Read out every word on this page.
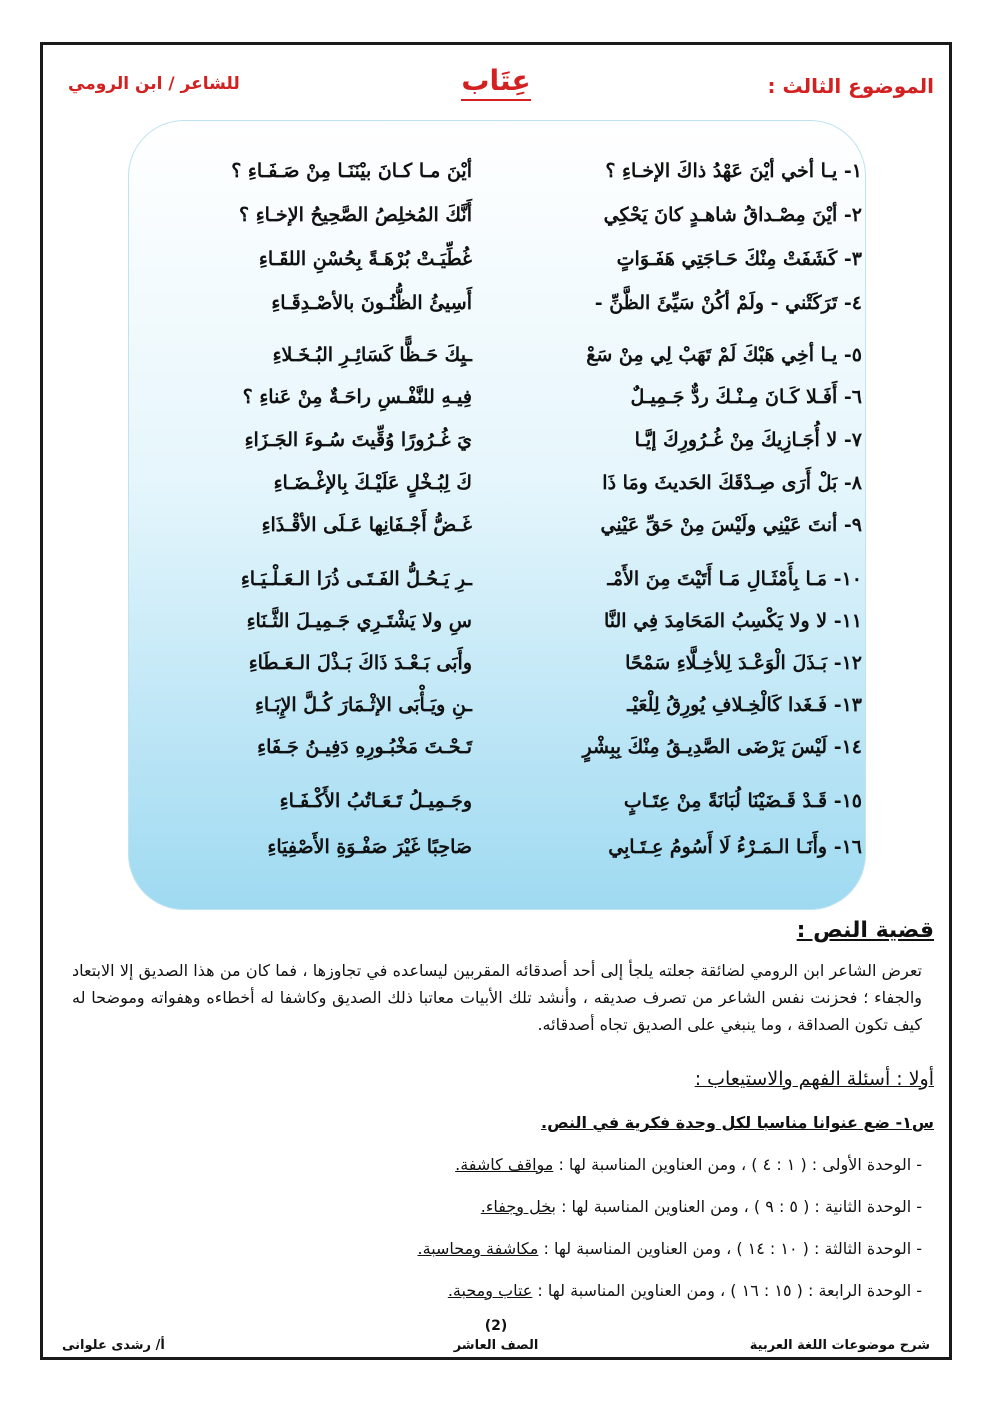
الموضوع الثالث :
عِتَاب
للشاعر / ابن الرومي
١- يـا أخي أيْنَ عَهْدُ ذاكَ الإخـاءِ ؟
أيْنَ مـا كـانَ بيْنَنَـا مِنْ صَـفَـاءِ ؟
٢- أيْنَ مِصْـداقُ شاهـدٍ كانَ يَحْكِي
أَنَّكَ المُخلِصُ الصَّحِيحُ الإخـاءِ ؟
٣- كَشَفَتْ مِنْكَ حَـاجَتِي هَفَـوَاتٍ
غُطِّيَـتْ بُرْهَـةً بِحُسْنِ اللقَـاءِ
٤- تَرَكَتْني - ولَمْ أكُنْ سَيِّئَ الظَّنِّ -
أَسِيئُ الظُّنُـونَ بالأصْـدِقَـاءِ
٥- يـا أخِي هَبْكَ لَمْ تَهَبْ لِي مِنْ سَعْ
ـيِكَ حَـظًّا كَسَائِـرِ البُـخَـلاءِ
٦- أَفَـلا كَـانَ مِـنْـكَ ردٌّ جَـمِيـلٌ
فِيـهِ للنَّفْـسِ راحَـةٌ مِنْ عَناءِ ؟
٧- لا أُجَـازِيكَ مِنْ غُـرُورِكَ إيَّـا
يَ غُـرُورًا وُقِّيتَ سُـوءَ الجَـزَاءِ
٨- بَلْ أَرَى صِـدْقَكَ الحَديثَ ومَا ذَا
كَ لِبُـخْلٍ عَلَيْـكَ بِالإغْـضَـاءِ
٩- أنتَ عَيْنِي ولَيْسَ مِنْ حَقِّ عَيْنِي
غَـضُّ أَجْـفَانِها عَـلَى الأقْـذَاءِ
١٠- مَـا بِأَمْثَـالِ مَـا أَتَيْتَ مِنَ الأَمْـ
ـرِ يَـحُـلُّ الفَـتَـى ذُرَا الـعَـلْـيَـاءِ
١١- لا ولا يَكْسِبُ المَحَامِدَ فِي النَّا
سِ ولا يَشْتَـرِي جَـمِيـلَ الثَّـنَاءِ
١٢- بَـذَلَ الْوَعْـدَ لِلأخِـلَّاءِ سَمْحًا
وأَبَى بَـعْـدَ ذَاكَ بَـذْلَ الـعَـطَاءِ
١٣- فَـغَدا كَالْخِـلافِ يُورِقُ لِلْعَيْـ
ـنِ ويَـأْبَى الإثْـمَارَ كُـلَّ الإِبَـاءِ
١٤- لَيْسَ يَرْضَى الصَّدِيـقُ مِنْكَ بِبِشْرٍ
تَـحْـتَ مَخْبُـورِهِ دَفِيـنُ جَـفَاءِ
١٥- قَـدْ قَـضَيْنَا لُبَانَةً مِنْ عِتَـابٍ
وجَـمِيـلُ تَـعَـاتُبُ الأَكْـفَـاءِ
١٦- وأَنَـا الـمَـرْءُ لَا أَسُومُ عِـتَـابِي
صَاحِبًا غَيْرَ صَفْـوَةِ الأَصْفِيَاءِ
قضية النص :
تعرض الشاعر ابن الرومي لضائقة جعلته يلجأ إلى أحد أصدقائه المقربين ليساعده في تجاوزها ، فما كان من هذا الصديق إلا الابتعاد والجفاء ؛ فحزنت نفس الشاعر من تصرف صديقه ، وأنشد تلك الأبيات معاتبا ذلك الصديق وكاشفا له أخطاءه وهفواته وموضحا له كيف تكون الصداقة ، وما ينبغي على الصديق تجاه أصدقائه.
أولا : أسئلة الفهم والاستيعاب :
س١- ضع عنوانا مناسبا لكل وحدة فكرية في النص.
- الوحدة الأولى : ( ١ : ٤ ) ، ومن العناوين المناسبة لها : مواقف كاشفة.
- الوحدة الثانية : ( ٥ : ٩ ) ، ومن العناوين المناسبة لها : بخل وجفاء.
- الوحدة الثالثة : ( ١٠ : ١٤ ) ، ومن العناوين المناسبة لها : مكاشفة ومحاسبة.
- الوحدة الرابعة : ( ١٥ : ١٦ ) ، ومن العناوين المناسبة لها : عتاب ومحبة.
(2)
شرح موضوعات اللغة العربية
الصف العاشر
أ/ رشدى علوانى
